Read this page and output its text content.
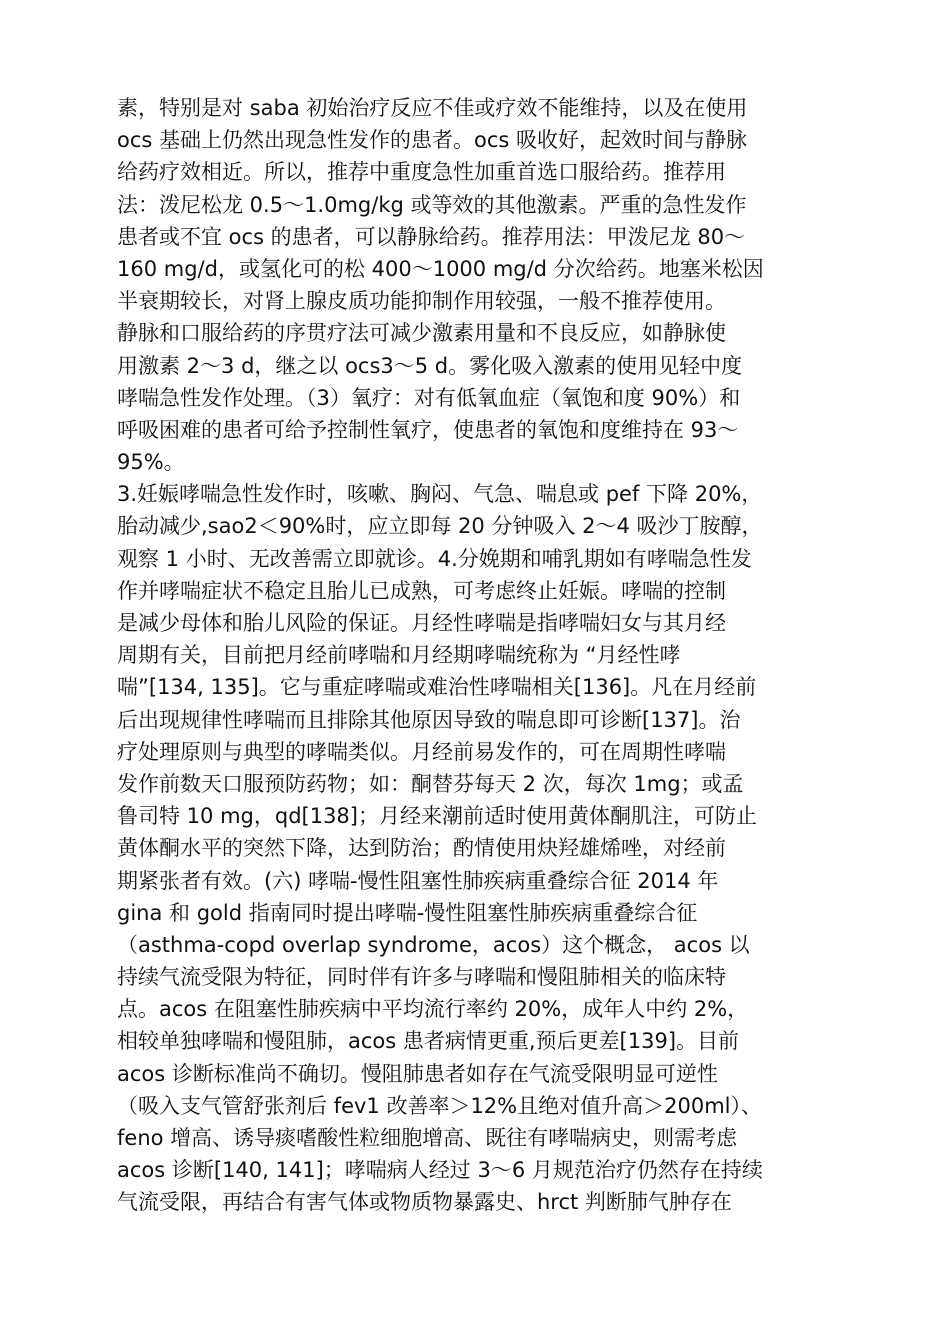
素，特别是对 saba 初始治疗反应不佳或疗效不能维持，以及在使用
ocs 基础上仍然出现急性发作的患者。ocs 吸收好，起效时间与静脉
给药疗效相近。所以，推荐中重度急性加重首选口服给药。推荐用
法：泼尼松龙 0.5～1.0mg/kg 或等效的其他激素。严重的急性发作
患者或不宜 ocs 的患者，可以静脉给药。推荐用法：甲泼尼龙 80～
160 mg/d，或氢化可的松 400～1000 mg/d 分次给药。地塞米松因
半衰期较长，对肾上腺皮质功能抑制作用较强，一般不推荐使用。
静脉和口服给药的序贯疗法可减少激素用量和不良反应，如静脉使
用激素 2～3 d，继之以 ocs3～5 d。雾化吸入激素的使用见轻中度
哮喘急性发作处理。（3）氧疗：对有低氧血症（氧饱和度 90%）和
呼吸困难的患者可给予控制性氧疗，使患者的氧饱和度维持在 93～
95%。
3.妊娠哮喘急性发作时，咳嗽、胸闷、气急、喘息或 pef 下降 20%，
胎动减少,sao2＜90%时，应立即每 20 分钟吸入 2～4 吸沙丁胺醇，
观察 1 小时、无改善需立即就诊。4.分娩期和哺乳期如有哮喘急性发
作并哮喘症状不稳定且胎儿已成熟，可考虑终止妊娠。哮喘的控制
是减少母体和胎儿风险的保证。月经性哮喘是指哮喘妇女与其月经
周期有关，目前把月经前哮喘和月经期哮喘统称为 “月经性哮
喘”[134, 135]。它与重症哮喘或难治性哮喘相关[136]。凡在月经前
后出现规律性哮喘而且排除其他原因导致的喘息即可诊断[137]。治
疗处理原则与典型的哮喘类似。月经前易发作的，可在周期性哮喘
发作前数天口服预防药物；如：酮替芬每天 2 次，每次 1mg；或孟
鲁司特 10 mg，qd[138]；月经来潮前适时使用黄体酮肌注，可防止
黄体酮水平的突然下降，达到防治；酌情使用炔羟雄烯唑，对经前
期紧张者有效。(六) 哮喘-慢性阻塞性肺疾病重叠综合征 2014 年
gina 和 gold 指南同时提出哮喘-慢性阻塞性肺疾病重叠综合征
（asthma-copd overlap syndrome，acos）这个概念， acos 以
持续气流受限为特征，同时伴有许多与哮喘和慢阻肺相关的临床特
点。acos 在阻塞性肺疾病中平均流行率约 20%，成年人中约 2%，
相较单独哮喘和慢阻肺，acos 患者病情更重,预后更差[139]。目前
acos 诊断标准尚不确切。慢阻肺患者如存在气流受限明显可逆性
（吸入支气管舒张剂后 fev1 改善率＞12%且绝对值升高＞200ml）、
feno 增高、诱导痰嗜酸性粒细胞增高、既往有哮喘病史，则需考虑
acos 诊断[140, 141]；哮喘病人经过 3～6 月规范治疗仍然存在持续
气流受限，再结合有害气体或物质物暴露史、hrct 判断肺气肿存在
